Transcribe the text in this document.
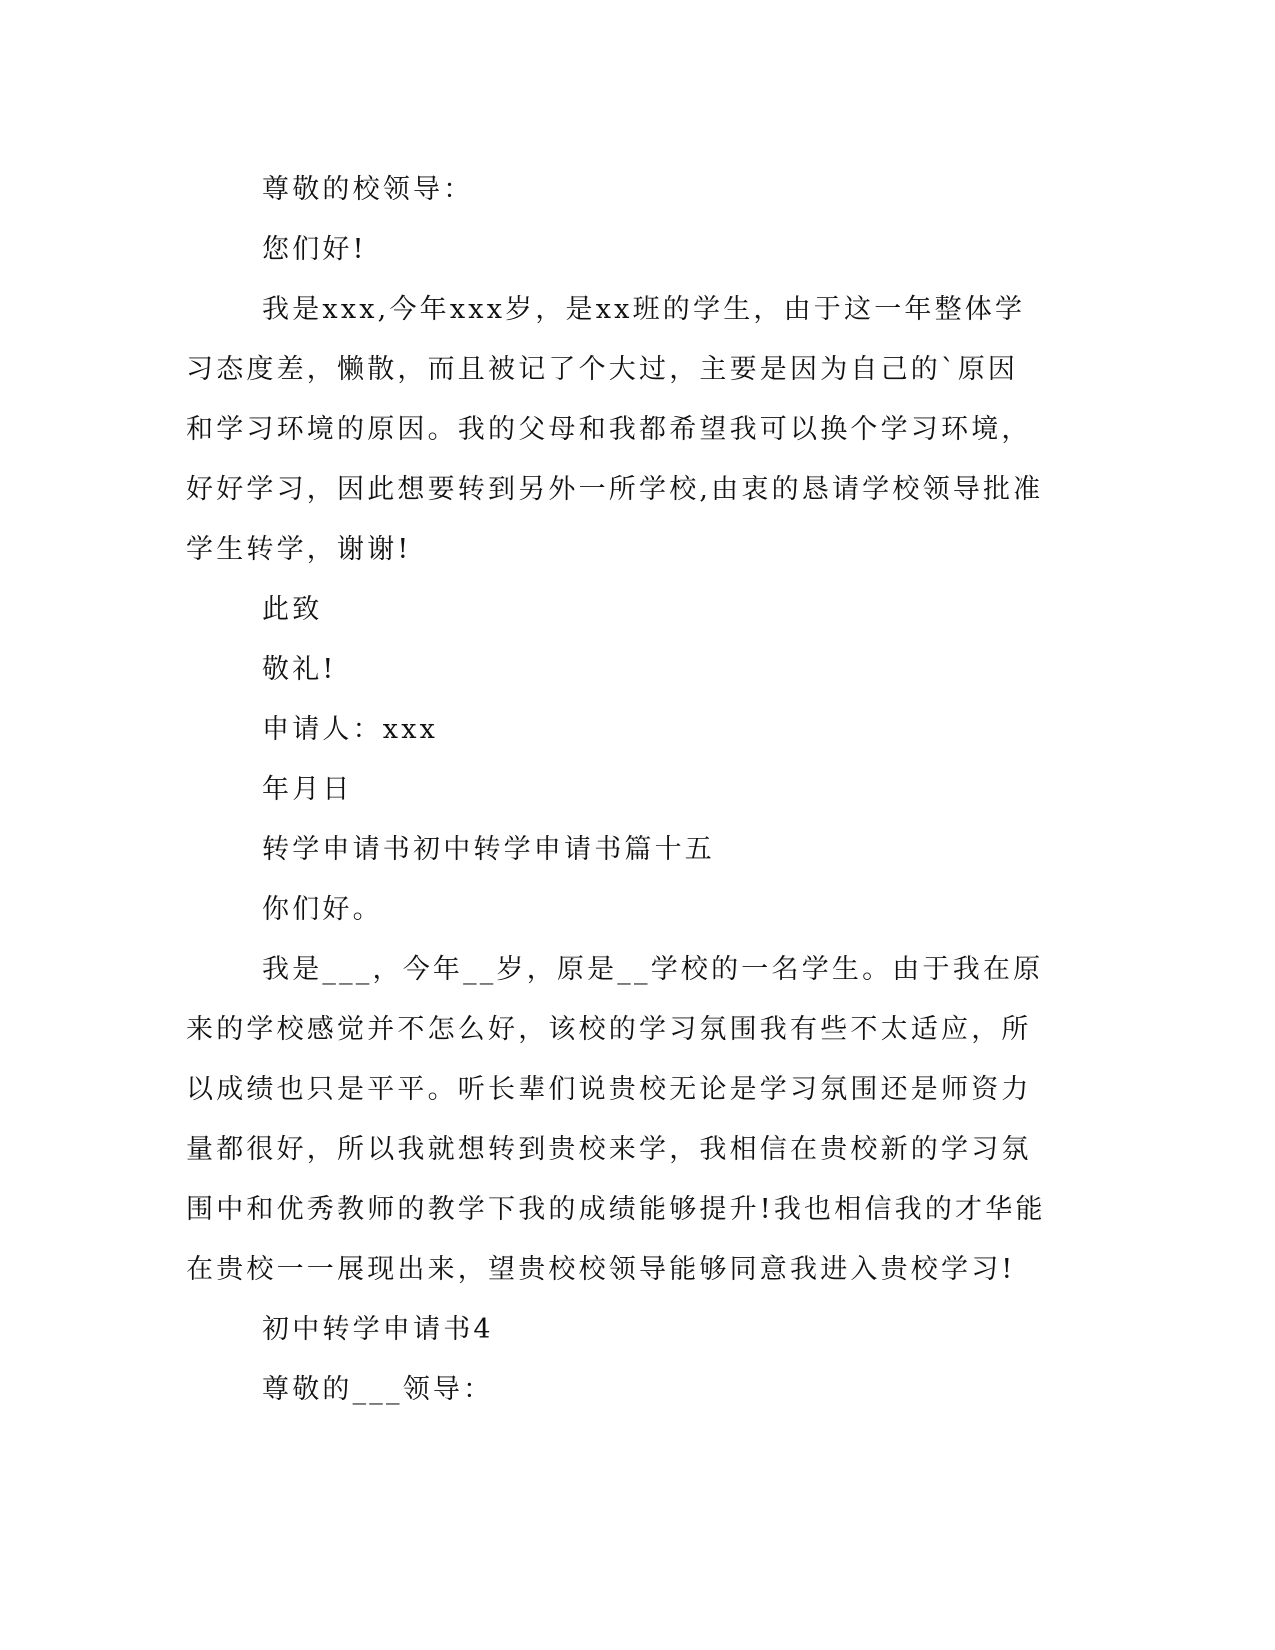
尊敬的校领导：

您们好!

我是xxx,今年xxx岁，是xx班的学生，由于这一年整体学习态度差，懒散，而且被记了个大过，主要是因为自己的`原因和学习环境的原因。我的父母和我都希望我可以换个学习环境，好好学习，因此想要转到另外一所学校,由衷的恳请学校领导批准学生转学，谢谢!

此致

敬礼!

申请人：xxx

年月日

转学申请书初中转学申请书篇十五

你们好。

我是___，今年__岁，原是__学校的一名学生。由于我在原来的学校感觉并不怎么好，该校的学习氛围我有些不太适应，所以成绩也只是平平。听长辈们说贵校无论是学习氛围还是师资力量都很好，所以我就想转到贵校来学，我相信在贵校新的学习氛围中和优秀教师的教学下我的成绩能够提升!我也相信我的才华能在贵校一一展现出来，望贵校校领导能够同意我进入贵校学习!

初中转学申请书4

尊敬的___领导：
